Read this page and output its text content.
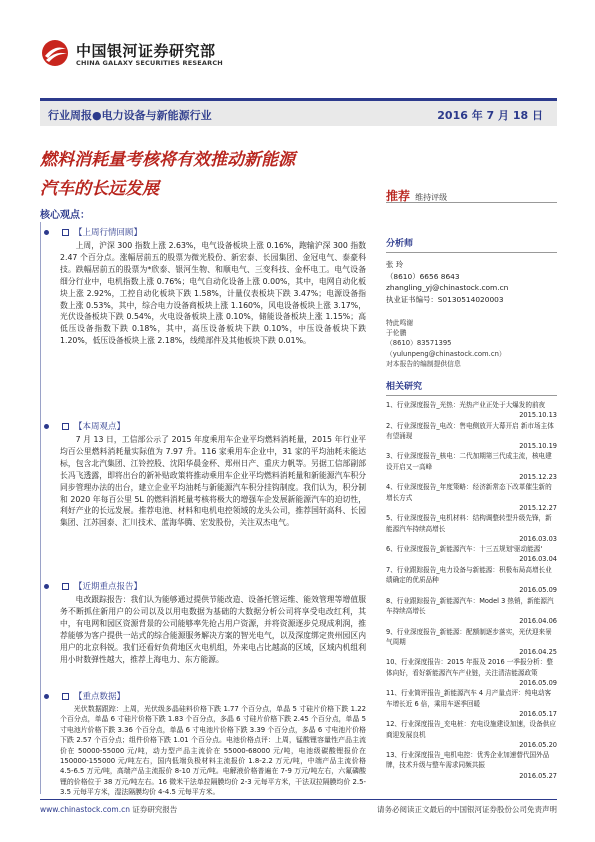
中国银河证券研究部
CHINA GALAXY SECURITIES RESEARCH
行业周报●电力设备与新能源行业	2016 年 7 月 18 日
燃料消耗量考核将有效推动新能源
汽车的长远发展	推荐 维持评级
核心观点：
【上周行情回顾】
上周，沪深 300 指数上涨 2.63%，电气设备板块上涨 0.16%，跑输沪深 300 指数 2.47 个百分点。涨幅居前五的股票为微光股份、新宏泰、长园集团、金冠电气、泰豪科技。跌幅居前五的股票为*欣泰、银河生物、和顺电气、三变科技、金杯电工。电气设备细分行业中，电机指数上涨 0.76%；电气自动化设备上涨 0.00%，其中，电网自动化板块上涨 2.92%，工控自动化板块下跌 1.58%，计量仪表板块下跌 3.47%；电源设备指数上涨 0.53%，其中，综合电力设备商板块上涨 1.160%，风电设备板块上涨 3.17%，光伏设备板块下跌 0.54%，火电设备板块上涨 0.10%，储能设备板块上涨 1.15%；高低压设备指数下跌 0.18%，其中，高压设备板块下跌 0.10%，中压设备板块下跌 1.20%，低压设备板块上涨 2.18%，线缆部件及其他板块下跌 0.01%。
【本周观点】
7 月 13 日，工信部公示了 2015 年度乘用车企业平均燃料消耗量，2015 年行业平均百公里燃料消耗量实际值为 7.97 升。116 家乘用车企业中，31 家的平均油耗未能达标，包含北汽集团、江铃控股、沈阳华晨金杯、郑州日产、重庆力帆等。另据工信部副部长冯飞透露，即将出台的新补贴政策将推动乘用车企业平均燃料消耗量和新能源汽车积分同步管理办法的出台，建立企业平均油耗与新能源汽车积分挂钩制度。我们认为，积分制和 2020 年每百公里 5L 的燃料消耗量考核将极大的增强车企发展新能源汽车的迫切性，利好产业的长远发展。推荐电池、材料和电机电控领域的龙头公司，推荐国轩高科、长园集团、江苏国泰、汇川技术、蓝海华腾、宏发股份，关注双杰电气。
【近期重点报告】
电改跟踪报告：我们认为能够通过提供节能改造、设备托管运维、能效管理等增值服务不断抓住新用户的公司以及以用电数据为基础的大数据分析公司将享受电改红利，其中，有电网和园区资源背景的公司能够率先抢占用户资源，并将资源逐步兑现成利润，推荐能够为客户提供一站式的综合能源服务解决方案的智光电气，以及深度绑定贵州园区内用户的北京科锐。我们还看好负荷地区火电机组，外来电占比越高的区域，区域内机组利用小时数弹性越大，推荐上海电力、东方能源。
【重点数据】
光伏数据跟踪：上周，光伏级多晶硅料价格下跌 1.77 个百分点，单晶 5 寸硅片价格下跌 1.22 个百分点，单晶 6 寸硅片价格下跌 1.83 个百分点，多晶 6 寸硅片价格下跌 2.45 个百分点，单晶 5 寸电池片价格下跌 3.36 个百分点，单晶 6 寸电池片价格下跌 3.39 个百分点，多晶 6 寸电池片价格下跌 2.57 个百分点；组件价格下跌 1.01 个百分点。电池价格点评：上周，锰酸锂容量性产品主流价在 50000-55000 元/吨，动力型产品主流价在 55000-68000 元/吨，电池级碳酸锂报价在 150000-155000 元/吨左右，国内低端负极材料主流报价 1.8-2.2 万元/吨，中端产品主流价格 4.5-6.5 万元/吨，高端产品主流报价 8-10 万元/吨。电解液价格普遍在 7-9 万元/吨左右，六氟磷酸锂的价格位于 38 万元/吨左右。16 微米干法单拉隔膜均价 2-3 元每平方米，干法双拉隔膜均价 2.5-3.5 元每平方米，湿法隔膜均价 4-4.5 元每平方米。
分析师
张 玲
（8610）6656 8643
zhangling_yj@chinastock.com.cn
执业证书编号：S0130514020003
特此鸣谢
于伦鹏
（8610）83571395
（yulunpeng@chinastock.com.cn）
对本报告的编制提供信息
相关研究
1、行业深度报告_光热：光热产业正处于大爆发的前夜
2015.10.13
2、行业深度报告_电改：售电侧放开大幕开启 新市场主体有望涌现
2015.10.19
3、行业深度报告_核电：二代加期第三代成主流，核电建设开启又一高峰
2015.12.23
4、行业深度报告_年度策略：经济新常态下改革催生新的增长方式
2015.12.27
5、行业深度报告_电机材料：结构调整转型升级先锋，新能源汽车持续高增长
2016.03.03
6、行业深度报告_新能源汽车：十三五规划'驱动能源'
2016.03.04
7、行业跟踪报告_电力设备与新能源：积极布局高增长业绩确定的优质品种
2016.05.09
8、行业跟踪报告_新能源汽车：Model 3 热销，新能源汽车持续高增长
2016.04.06
9、行业深度报告_新能源：配额制逐步落实，光伏迎来景气周期
2016.04.25
10、行业深度报告：2015 年报及 2016 一季报分析：整体向好，看好新能源汽车产业链，关注清洁能源政策
2016.05.09
11、行业简评报告_新能源汽车 4 月产量点评：纯电动客车增长近 6 倍，乘用车逐季回暖
2016.05.17
12、行业深度报告_充电桩：充电设施建设加速，设备供应商迎发展良机
2016.05.20
13、行业深度报告_电机电控：优秀企业加速替代国外品牌，技术升级与整车需求同频共振
2016.05.27
www.chinastock.com.cn 证券研究报告	请务必阅读正文最后的中国银河证券股份公司免责声明
